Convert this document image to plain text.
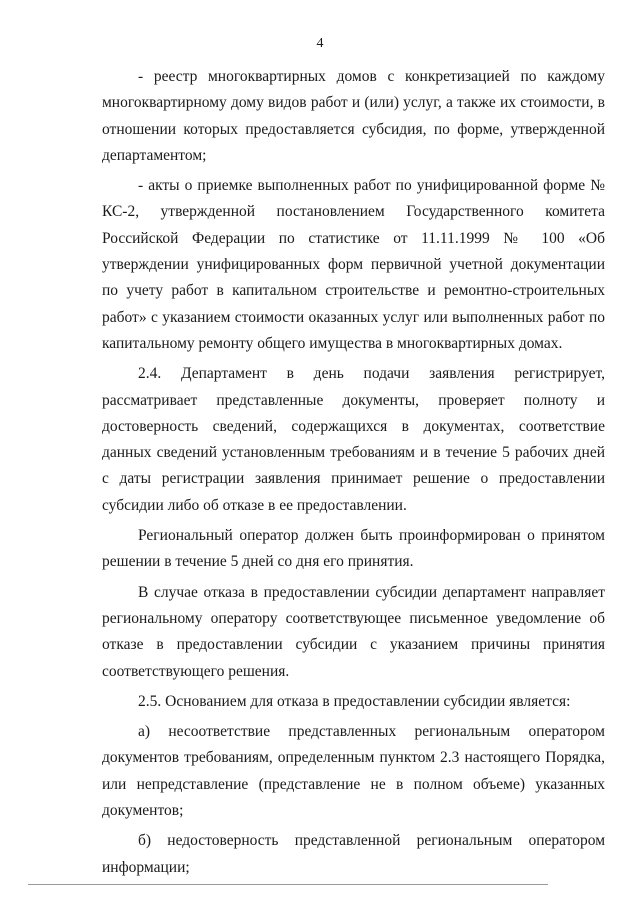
4

- реестр многоквартирных домов с конкретизацией по каждому многоквартирному дому видов работ и (или) услуг, а также их стоимости, в отношении которых предоставляется субсидия, по форме, утвержденной департаментом;

- акты о приемке выполненных работ по унифицированной форме № КС-2, утвержденной постановлением Государственного комитета Российской Федерации по статистике от 11.11.1999 № 100 «Об утверждении унифицированных форм первичной учетной документации по учету работ в капитальном строительстве и ремонтно-строительных работ» с указанием стоимости оказанных услуг или выполненных работ по капитальному ремонту общего имущества в многоквартирных домах.

2.4. Департамент в день подачи заявления регистрирует, рассматривает представленные документы, проверяет полноту и достоверность сведений, содержащихся в документах, соответствие данных сведений установленным требованиям и в течение 5 рабочих дней с даты регистрации заявления принимает решение о предоставлении субсидии либо об отказе в ее предоставлении.

Региональный оператор должен быть проинформирован о принятом решении в течение 5 дней со дня его принятия.

В случае отказа в предоставлении субсидии департамент направляет региональному оператору соответствующее письменное уведомление об отказе в предоставлении субсидии с указанием причины принятия соответствующего решения.

2.5. Основанием для отказа в предоставлении субсидии является:

а) несоответствие представленных региональным оператором документов требованиям, определенным пунктом 2.3 настоящего Порядка, или непредставление (представление не в полном объеме) указанных документов;

б) недостоверность представленной региональным оператором информации;
